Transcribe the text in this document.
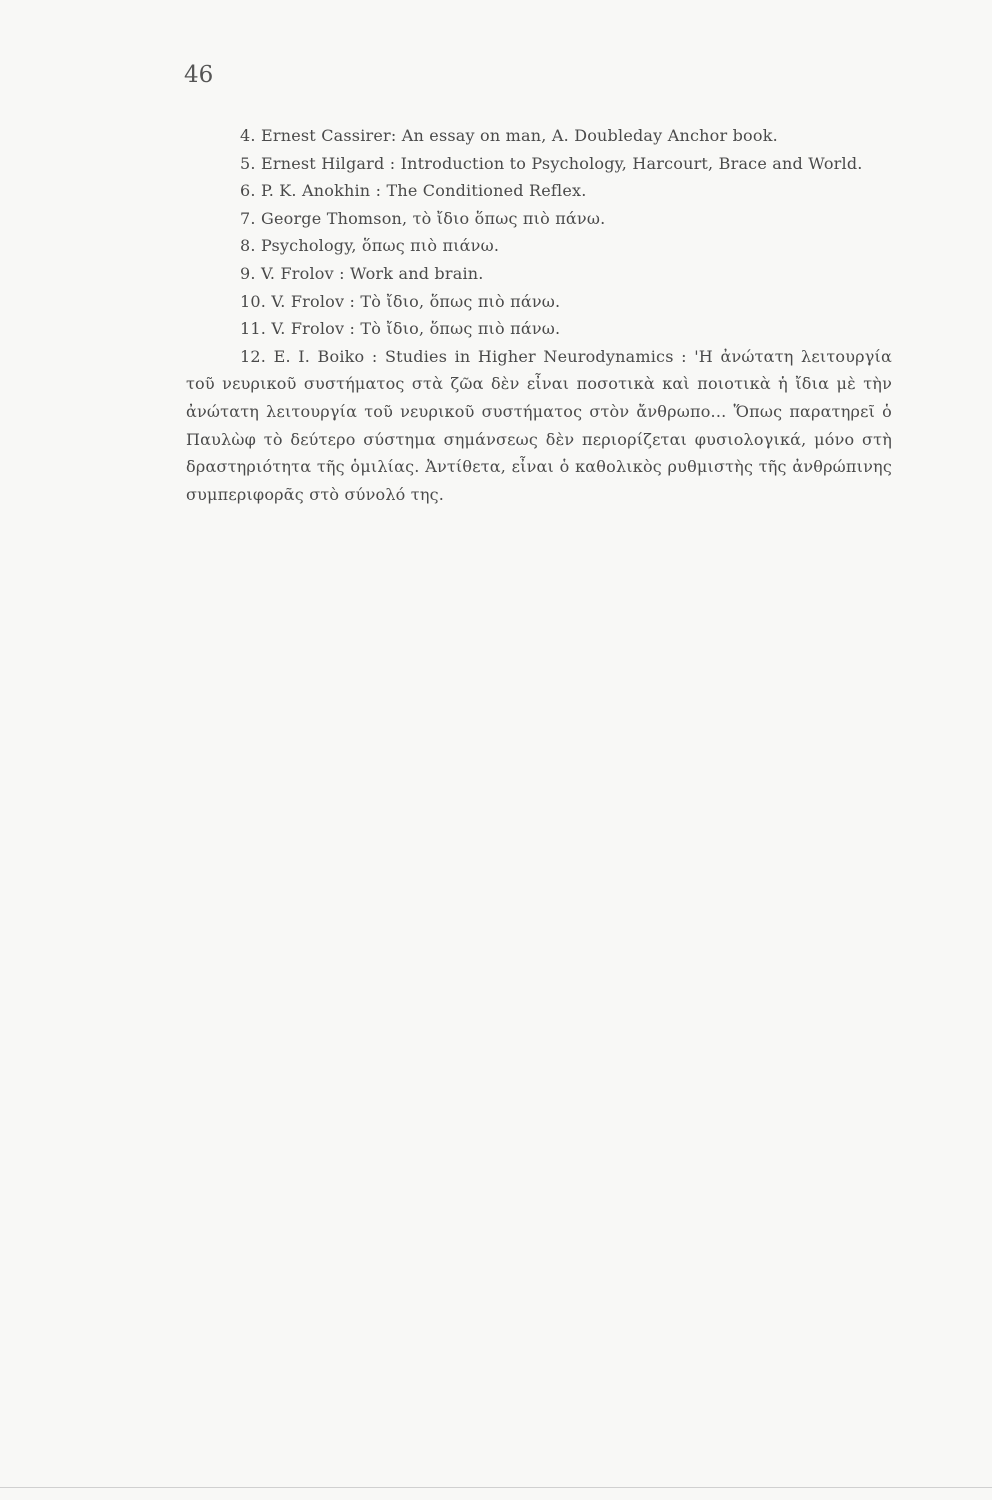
46

4. Ernest Cassirer: An essay on man, A. Doubleday Anchor book.

5. Ernest Hilgard : Introduction to Psychology, Harcourt, Brace and World.

6. P. K. Anokhin : The Conditioned Reflex.

7. George Thomson, τὸ ἴδιο ὅπως πιὸ πάνω.

8. Psychology, ὅπως πιὸ πιάνω.

9. V. Frolov : Work and brain.

10. V. Frolov : Τὸ ἴδιο, ὅπως πιὸ πάνω.

11. V. Frolov : Τὸ ἴδιο, ὅπως πιὸ πάνω.

12. E. I. Boiko : Studies in Higher Neurodynamics : 'Η ἀνώτατη λειτουργία τοῦ νευρικοῦ συστήματος στὰ ζῶα δὲν εἶναι ποσοτικὰ καὶ ποιοτικὰ ἡ ἴδια μὲ τὴν ἀνώτατη λειτουργία τοῦ νευρικοῦ συστήματος στὸν ἄνθρωπο... Ὅπως παρατηρεῖ ὁ Παυλὼφ τὸ δεύτερο σύστημα σημάνσεως δὲν περιορίζεται φυσιολογικά, μόνο στὴ δραστηριότητα τῆς ὁμιλίας. Ἀντίθετα, εἶναι ὁ καθολικὸς ρυθμιστὴς τῆς ἀνθρώπινης συμπεριφορᾶς στὸ σύνολό της.
